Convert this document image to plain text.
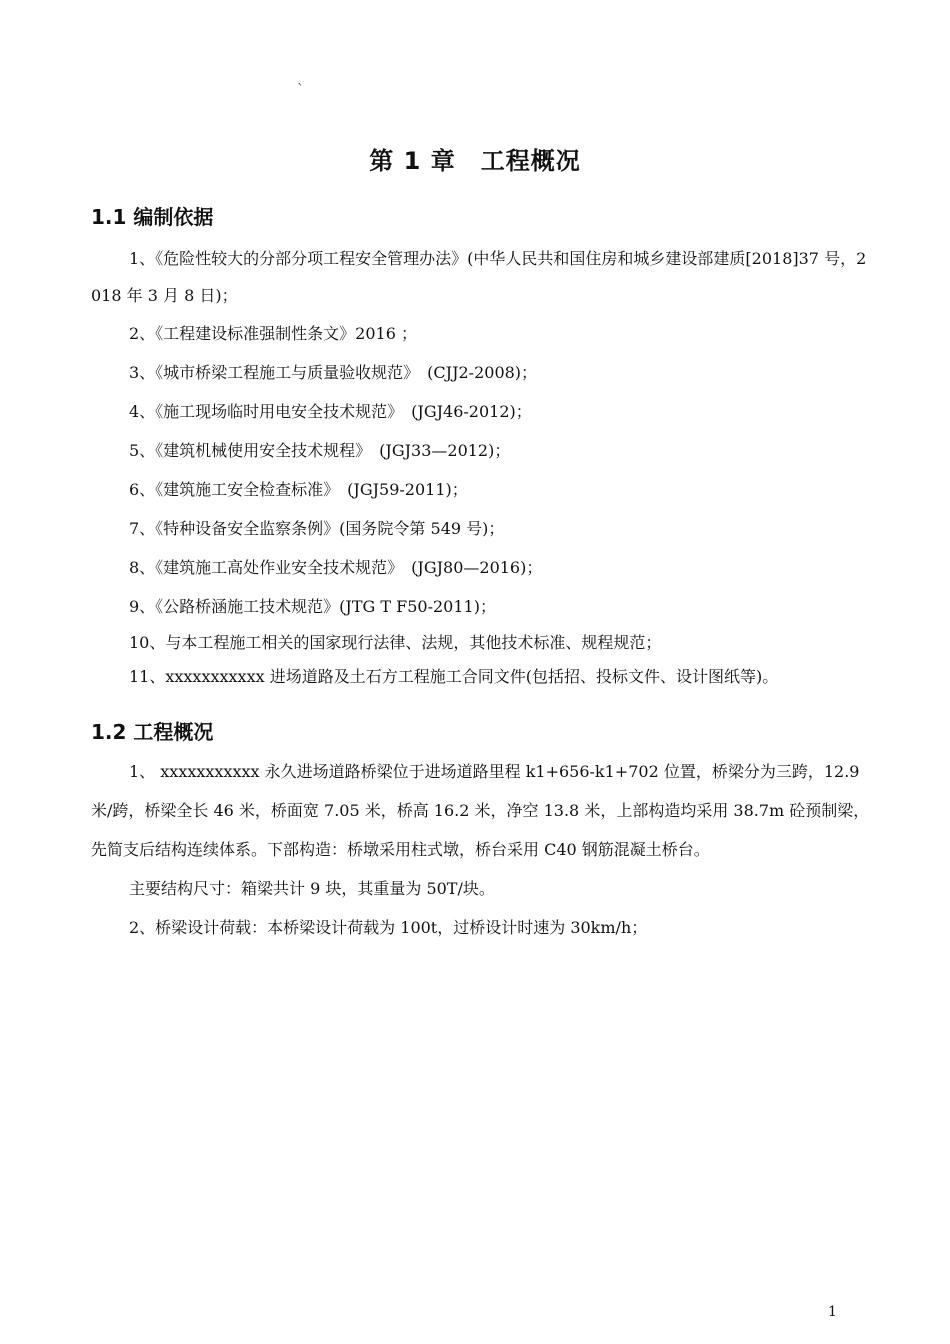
`
第 1 章　工程概况
1.1 编制依据
1、《危险性较大的分部分项工程安全管理办法》(中华人民共和国住房和城乡建设部建质[2018]37 号，2018 年 3 月 8 日)；
2、《工程建设标准强制性条文》2016 ；
3、《城市桥梁工程施工与质量验收规范》　(CJJ2-2008)；
4、《施工现场临时用电安全技术规范》　(JGJ46-2012)；
5、《建筑机械使用安全技术规程》　(JGJ33—2012)；
6、《建筑施工安全检查标准》　(JGJ59-2011)；
7、《特种设备安全监察条例》(国务院令第 549 号)；
8、《建筑施工高处作业安全技术规范》　(JGJ80—2016)；
9、《公路桥涵施工技术规范》(JTG T F50-2011)；
10、与本工程施工相关的国家现行法律、法规，其他技术标准、规程规范；
11、xxxxxxxxxxx 进场道路及土石方工程施工合同文件(包括招、投标文件、设计图纸等)。
1.2 工程概况

1、 xxxxxxxxxxx 永久进场道路桥梁位于进场道路里程 k1+656-k1+702 位置，桥梁分为三跨，12.9 米/跨，桥梁全长 46 米，桥面宽 7.05 米，桥高 16.2 米，净空 13.8 米，上部构造均采用 38.7m 砼预制梁，先简支后结构连续体系。下部构造：桥墩采用柱式墩，桥台采用 C40 钢筋混凝土桥台。

主要结构尺寸：箱梁共计 9 块，其重量为 50T/块。

2、桥梁设计荷载：本桥梁设计荷载为 100t，过桥设计时速为 30km/h；

1
